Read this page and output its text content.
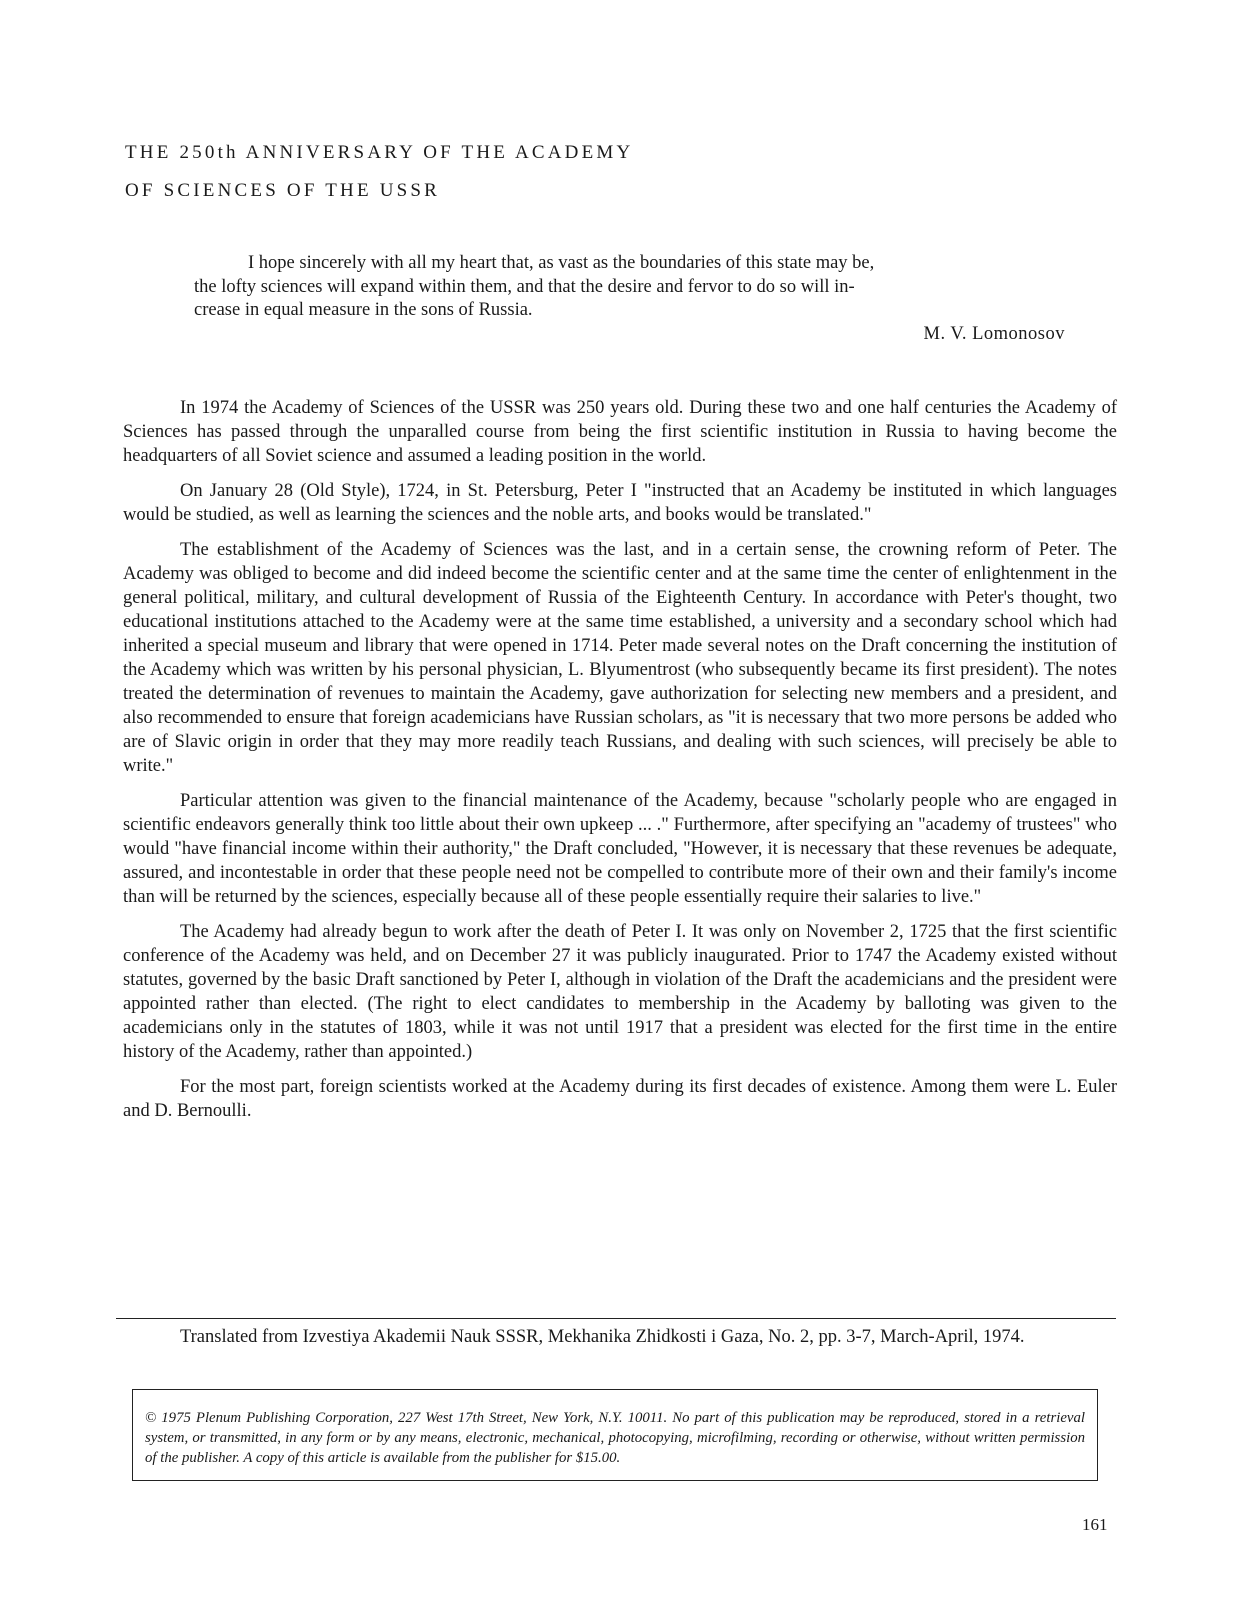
THE 250th ANNIVERSARY OF THE ACADEMY
OF SCIENCES OF THE USSR
I hope sincerely with all my heart that, as vast as the boundaries of this state may be,
the lofty sciences will expand within them, and that the desire and fervor to do so will in-
crease in equal measure in the sons of Russia.
M. V. Lomonosov

In 1974 the Academy of Sciences of the USSR was 250 years old. During these two and one half centuries the Academy of Sciences has passed through the unparalled course from being the first scientific institution in Russia to having become the headquarters of all Soviet science and assumed a leading position in the world.

On January 28 (Old Style), 1724, in St. Petersburg, Peter I "instructed that an Academy be instituted in which languages would be studied, as well as learning the sciences and the noble arts, and books would be translated."

The establishment of the Academy of Sciences was the last, and in a certain sense, the crowning reform of Peter. The Academy was obliged to become and did indeed become the scientific center and at the same time the center of enlightenment in the general political, military, and cultural development of Russia of the Eighteenth Century. In accordance with Peter's thought, two educational institutions attached to the Academy were at the same time established, a university and a secondary school which had inherited a special museum and library that were opened in 1714. Peter made several notes on the Draft concerning the institution of the Academy which was written by his personal physician, L. Blyumentrost (who subsequently became its first president). The notes treated the determination of revenues to maintain the Academy, gave authorization for selecting new members and a president, and also recommended to ensure that foreign academicians have Russian scholars, as "it is necessary that two more persons be added who are of Slavic origin in order that they may more readily teach Russians, and dealing with such sciences, will precisely be able to write."

Particular attention was given to the financial maintenance of the Academy, because "scholarly people who are engaged in scientific endeavors generally think too little about their own upkeep ... ." Furthermore, after specifying an "academy of trustees" who would "have financial income within their authority," the Draft concluded, "However, it is necessary that these revenues be adequate, assured, and incontestable in order that these people need not be compelled to contribute more of their own and their family's income than will be returned by the sciences, especially because all of these people essentially require their salaries to live."

The Academy had already begun to work after the death of Peter I. It was only on November 2, 1725 that the first scientific conference of the Academy was held, and on December 27 it was publicly inaugurated. Prior to 1747 the Academy existed without statutes, governed by the basic Draft sanctioned by Peter I, although in violation of the Draft the academicians and the president were appointed rather than elected. (The right to elect candidates to membership in the Academy by balloting was given to the academicians only in the statutes of 1803, while it was not until 1917 that a president was elected for the first time in the entire history of the Academy, rather than appointed.)

For the most part, foreign scientists worked at the Academy during its first decades of existence. Among them were L. Euler and D. Bernoulli.

Translated from Izvestiya Akademii Nauk SSSR, Mekhanika Zhidkosti i Gaza, No. 2, pp. 3-7, March-April, 1974.
© 1975 Plenum Publishing Corporation, 227 West 17th Street, New York, N.Y. 10011. No part of this publication may be reproduced, stored in a retrieval system, or transmitted, in any form or by any means, electronic, mechanical, photocopying, microfilming, recording or otherwise, without written permission of the publisher. A copy of this article is available from the publisher for $15.00.
161
